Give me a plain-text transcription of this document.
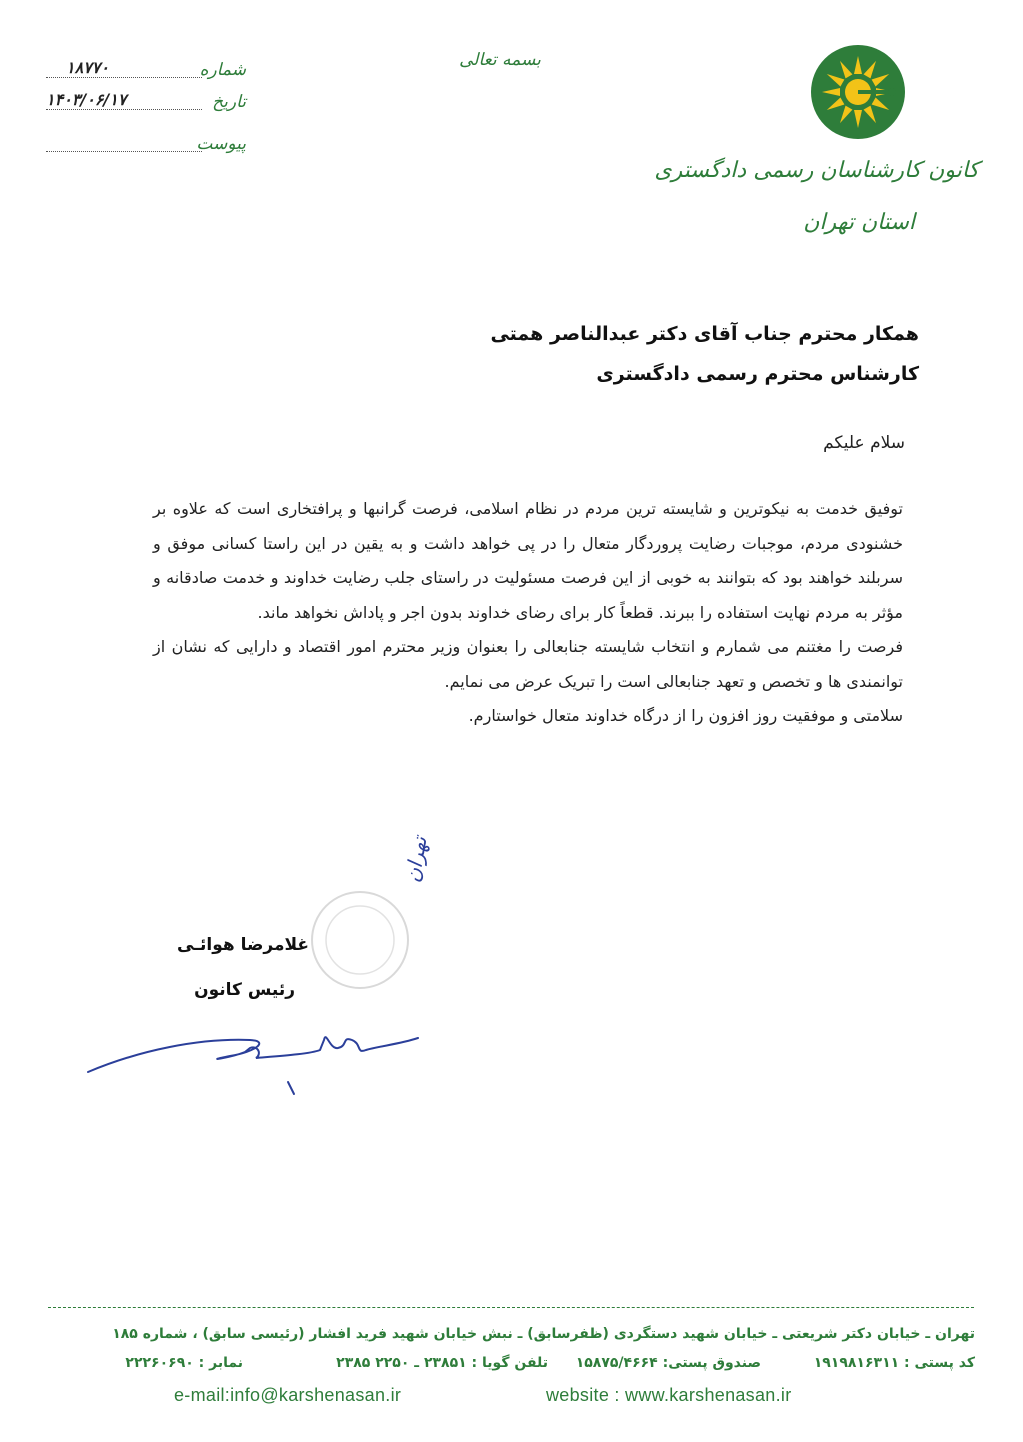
شماره
۱۸۷۷۰
تاریخ
۱۴۰۳/۰۶/۱۷
پیوست
بسمه تعالی
کانون کارشناسان رسمی دادگستری
استان تهران
همکار محترم جناب آقای دکتر عبدالناصر همتی
کارشناس محترم رسمی دادگستری
سلام علیکم

توفیق خدمت به نیکوترین و شایسته ترین مردم در نظام اسلامی، فرصت گرانبها و پرافتخاری است که علاوه بر خشنودی مردم، موجبات رضایت پروردگار متعال را در پی خواهد داشت و به یقین در این راستا کسانی موفق و سربلند خواهند بود که بتوانند به خوبی از این فرصت مسئولیت در راستای جلب رضایت خداوند و خدمت صادقانه و مؤثر به مردم نهایت استفاده را ببرند. قطعاً کار برای رضای خداوند بدون اجر و پاداش نخواهد ماند.

فرصت را مغتنم می شمارم و انتخاب شایسته جنابعالی را بعنوان وزیر محترم امور اقتصاد و دارایی که نشان از توانمندی ها و تخصص و تعهد جنابعالی است را تبریک عرض می نمایم.

سلامتی و موفقیت روز افزون را از درگاه خداوند متعال خواستارم.

تهران
غلامرضا هوائـی
رئیس کانون
تهران ـ خیابان دکتر شریعتی ـ خیابان شهید دستگردی (ظفرسابق) ـ نبش خیابان شهید فرید افشار (رئیسی سابق) ، شماره ۱۸۵
کد پستی : ۱۹۱۹۸۱۶۳۱۱
صندوق پستی: ۱۵۸۷۵/۴۶۶۴
تلفن گویا : ۲۳۸۵۱ ـ ۲۲۵۰ ۲۳۸۵
نمابر : ۲۲۲۶۰۶۹۰
e-mail:info@karshenasan.ir	website : www.karshenasan.ir
